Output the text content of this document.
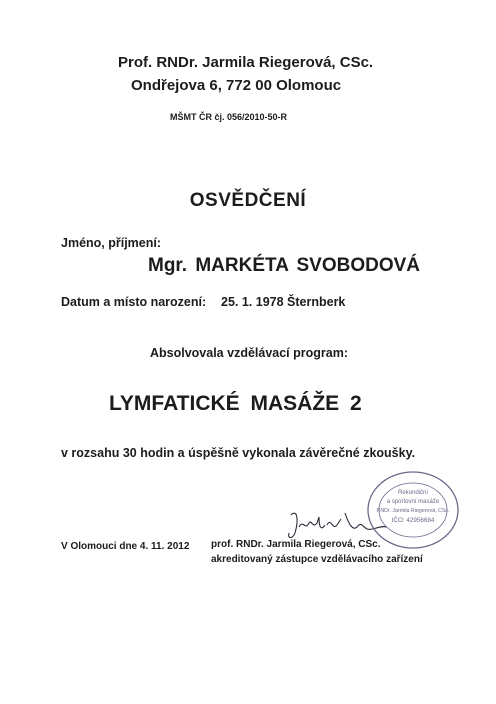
Prof. RNDr. Jarmila Riegerová, CSc.
Ondřejova 6, 772 00 Olomouc
MŠMT ČR čj. 056/2010-50-R
OSVĚDČENÍ
Jméno, příjmení:
Mgr. MARKÉTA SVOBODOVÁ
Datum a místo narození: 25. 1. 1978 Šternberk
Absolvovala vzdělávací program:
LYMFATICKÉ MASÁŽE 2
v rozsahu 30 hodin a úspěšně vykonala závěrečné zkoušky.
V Olomouci dne 4. 11. 2012
Rekondiční
a sportovní masáže
RNDr. Jarmila Riegerová, CSc.
IČO: 42956684
prof. RNDr. Jarmila Riegerová, CSc.
akreditovaný zástupce vzdělávacího zařízení
